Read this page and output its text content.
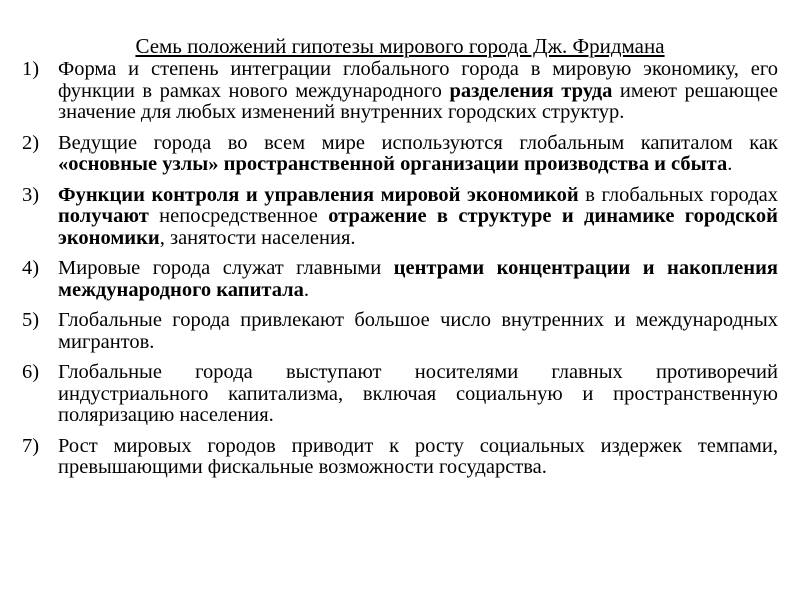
Семь положений гипотезы мирового города Дж. Фридмана
1) Форма и степень интеграции глобального города в мировую экономику, его функции в рамках нового международного разделения труда имеют решающее значение для любых изменений внутренних городских структур.
2) Ведущие города во всем мире используются глобальным капиталом как «основные узлы» пространственной организации производства и сбыта.
3) Функции контроля и управления мировой экономикой в глобальных городах получают непосредственное отражение в структуре и динамике городской экономики, занятости населения.
4) Мировые города служат главными центрами концентрации и накопления международного капитала.
5) Глобальные города привлекают большое число внутренних и международных мигрантов.
6) Глобальные города выступают носителями главных противоречий индустриального капитализма, включая социальную и пространственную поляризацию населения.
7) Рост мировых городов приводит к росту социальных издержек темпами, превышающими фискальные возможности государства.
